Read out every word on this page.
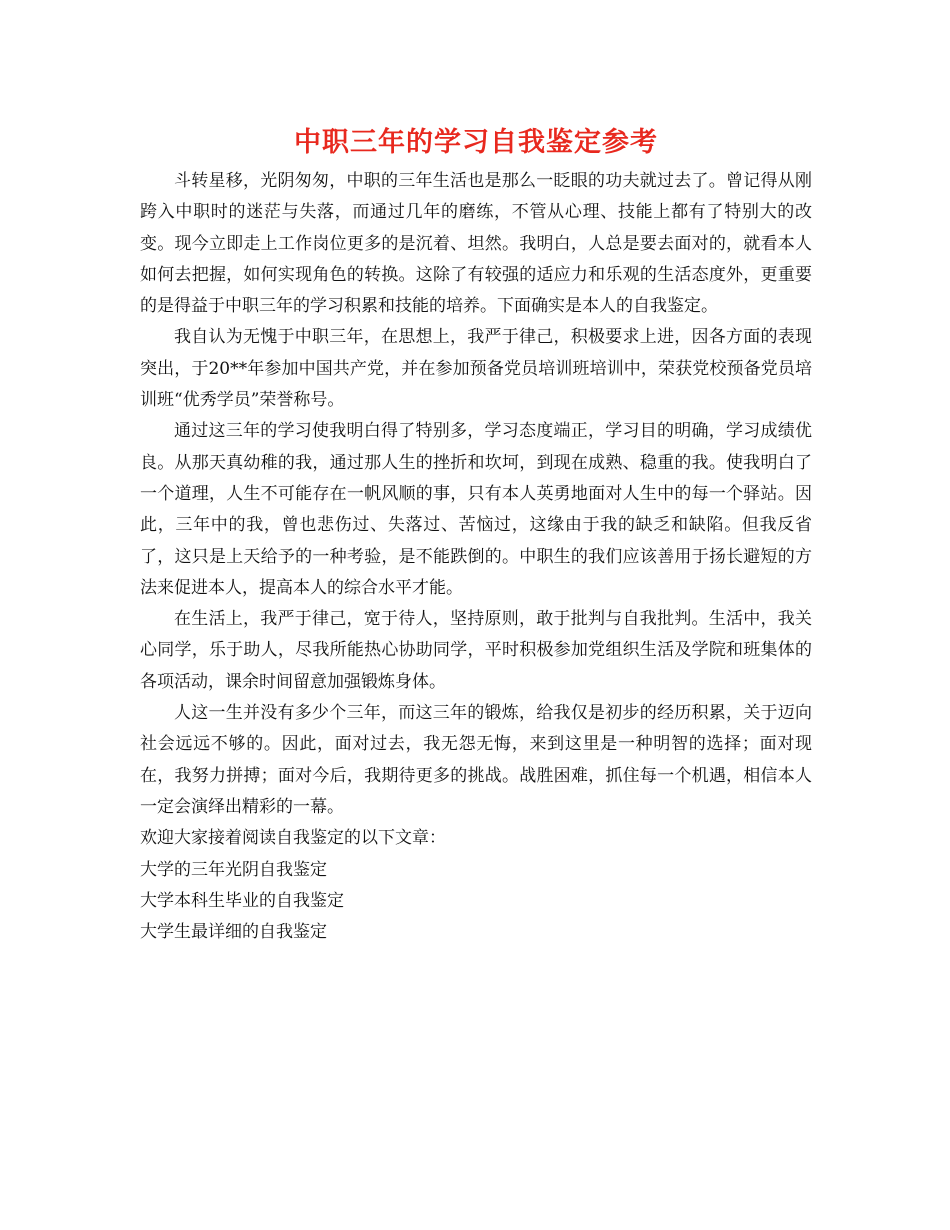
中职三年的学习自我鉴定参考

斗转星移，光阴匆匆，中职的三年生活也是那么一眨眼的功夫就过去了。曾记得从刚跨入中职时的迷茫与失落，而通过几年的磨练，不管从心理、技能上都有了特别大的改变。现今立即走上工作岗位更多的是沉着、坦然。我明白，人总是要去面对的，就看本人如何去把握，如何实现角色的转换。这除了有较强的适应力和乐观的生活态度外，更重要的是得益于中职三年的学习积累和技能的培养。下面确实是本人的自我鉴定。

我自认为无愧于中职三年，在思想上，我严于律己，积极要求上进，因各方面的表现突出，于20**年参加中国共产党，并在参加预备党员培训班培训中，荣获党校预备党员培训班“优秀学员”荣誉称号。

通过这三年的学习使我明白得了特别多，学习态度端正，学习目的明确，学习成绩优良。从那天真幼稚的我，通过那人生的挫折和坎坷，到现在成熟、稳重的我。使我明白了一个道理，人生不可能存在一帆风顺的事，只有本人英勇地面对人生中的每一个驿站。因此，三年中的我，曾也悲伤过、失落过、苦恼过，这缘由于我的缺乏和缺陷。但我反省了，这只是上天给予的一种考验，是不能跌倒的。中职生的我们应该善用于扬长避短的方法来促进本人，提高本人的综合水平才能。

在生活上，我严于律己，宽于待人，坚持原则，敢于批判与自我批判。生活中，我关心同学，乐于助人，尽我所能热心协助同学，平时积极参加党组织生活及学院和班集体的各项活动，课余时间留意加强锻炼身体。

人这一生并没有多少个三年，而这三年的锻炼，给我仅是初步的经历积累，关于迈向社会远远不够的。因此，面对过去，我无怨无悔，来到这里是一种明智的选择；面对现在，我努力拼搏；面对今后，我期待更多的挑战。战胜困难，抓住每一个机遇，相信本人一定会演绎出精彩的一幕。

欢迎大家接着阅读自我鉴定的以下文章：

大学的三年光阴自我鉴定

大学本科生毕业的自我鉴定

大学生最详细的自我鉴定
